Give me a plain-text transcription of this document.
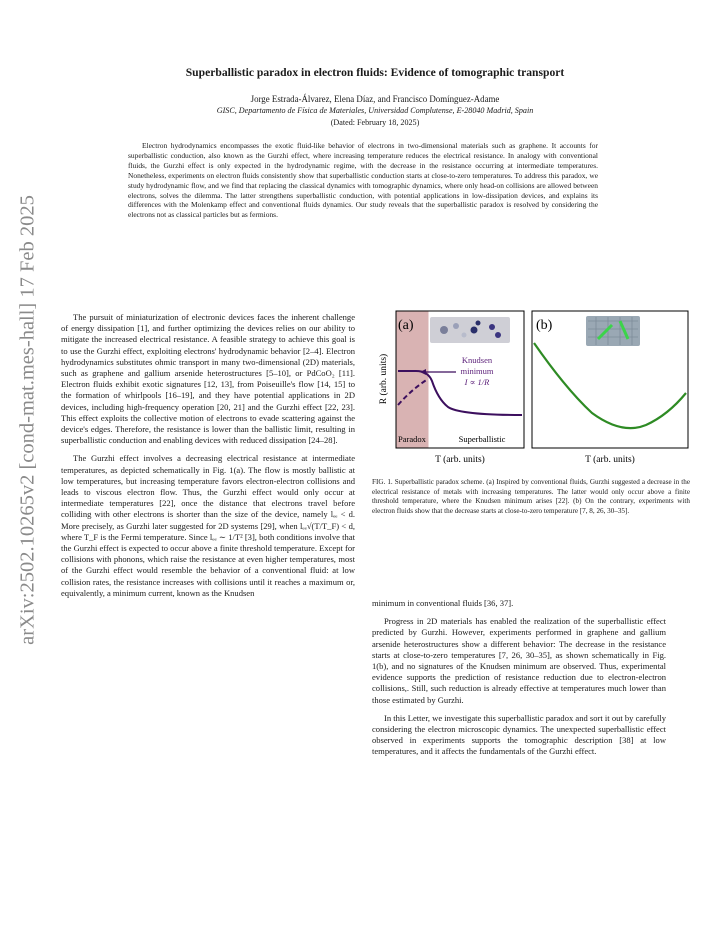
arXiv:2502.10265v2 [cond-mat.mes-hall] 17 Feb 2025
Superballistic paradox in electron fluids: Evidence of tomographic transport
Jorge Estrada-Álvarez, Elena Díaz, and Francisco Domínguez-Adame
GISC, Departamento de Física de Materiales, Universidad Complutense, E-28040 Madrid, Spain
(Dated: February 18, 2025)

Electron hydrodynamics encompasses the exotic fluid-like behavior of electrons in two-dimensional materials such as graphene. It accounts for superballistic conduction, also known as the Gurzhi effect, where increasing temperature reduces the electrical resistance. In analogy with conventional fluids, the Gurzhi effect is only expected in the hydrodynamic regime, with the decrease in the resistance occurring at intermediate temperatures. Nonetheless, experiments on electron fluids consistently show that superballistic conduction starts at close-to-zero temperatures. To address this paradox, we study hydrodynamic flow, and we find that replacing the classical dynamics with tomographic dynamics, where only head-on collisions are allowed between electrons, solves the dilemma. The latter strengthens superballistic conduction, with potential applications in low-dissipation devices, and explains its differences with the Molenkamp effect and conventional fluids dynamics. Our study reveals that the superballistic paradox is resolved by considering the electrons not as classical particles but as fermions.

The pursuit of miniaturization of electronic devices faces the inherent challenge of energy dissipation [1], and further optimizing the devices relies on our ability to mitigate the increased electrical resistance. A feasible strategy to achieve this goal is to use the Gurzhi effect, exploiting electrons' hydrodynamic behavior [2–4]. Electron hydrodynamics substitutes ohmic transport in many two-dimensional (2D) materials, such as graphene and gallium arsenide heterostructures [5–10], or PdCoO₂ [11]. Electron fluids exhibit exotic signatures [12, 13], from Poiseuille's flow [14, 15] to the formation of whirlpools [16–19], and they have potential applications in 2D devices, including high-frequency operation [20, 21] and the Gurzhi effect [22, 23]. This effect exploits the collective motion of electrons to evade scattering against the device's edges. Therefore, the resistance is lower than the ballistic limit, resulting in superballistic conduction and enabling devices with reduced dissipation [24–28].

The Gurzhi effect involves a decreasing electrical resistance at intermediate temperatures, as depicted schematically in Fig. 1(a). The flow is mostly ballistic at low temperatures, but increasing temperature favors electron-electron collisions and leads to viscous electron flow. Thus, the Gurzhi effect would only occur at intermediate temperatures [22], once the distance that electrons travel before colliding with other electrons is shorter than the size of the device, namely lₑₑ < d. More precisely, as Gurzhi later suggested for 2D systems [29], when lₑₑ√(T/T_F) < d, where T_F is the Fermi temperature. Since lₑₑ ∼ 1/T² [3], both conditions involve that the Gurzhi effect is expected to occur above a finite threshold temperature. Except for collisions with phonons, which raise the resistance at even higher temperatures, most of the Gurzhi effect would resemble the behavior of a conventional fluid: at low collision rates, the resistance increases with collisions until it reaches a maximum or, equivalently, a minimum current, known as the Knudsen

Knudsen
minimum
I ∝ 1/R
(a)
Paradox	Superballistic
R (arb. units)
T (arb. units)
(b)
T (arb. units)

FIG. 1. Superballistic paradox scheme. (a) Inspired by conventional fluids, Gurzhi suggested a decrease in the electrical resistance of metals with increasing temperatures. The latter would only occur above a finite threshold temperature, where the Knudsen minimum arises [22]. (b) On the contrary, experiments with electron fluids show that the decrease starts at close-to-zero temperature [7, 8, 26, 30–35].

minimum in conventional fluids [36, 37].

Progress in 2D materials has enabled the realization of the superballistic effect predicted by Gurzhi. However, experiments performed in graphene and gallium arsenide heterostructures show a different behavior: The decrease in the resistance starts at close-to-zero temperatures [7, 26, 30–35], as shown schematically in Fig. 1(b), and no signatures of the Knudsen minimum are observed. Thus, experimental evidence supports the prediction of resistance reduction due to electron-electron collisions,. Still, such reduction is already effective at temperatures much lower than those estimated by Gurzhi.

In this Letter, we investigate this superballistic paradox and sort it out by carefully considering the electron microscopic dynamics. The unexpected superballistic effect observed in experiments supports the tomographic description [38] at low temperatures, and it affects the fundamentals of the Gurzhi effect.
